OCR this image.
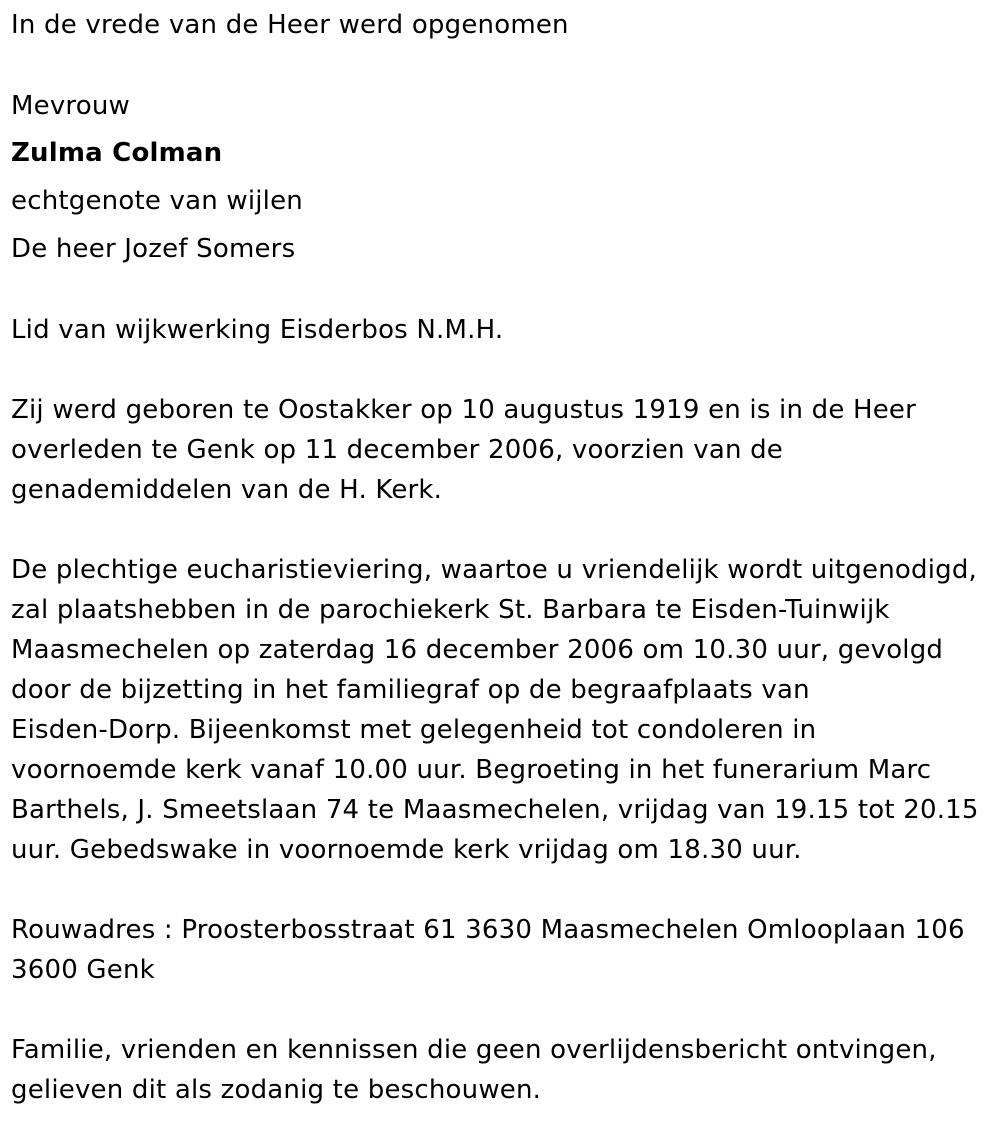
In de vrede van de Heer werd opgenomen
Mevrouw
Zulma Colman
echtgenote van wijlen
De heer Jozef Somers
Lid van wijkwerking Eisderbos N.M.H.
Zij werd geboren te Oostakker op 10 augustus 1919 en is in de Heer
overleden te Genk op 11 december 2006, voorzien van de
genademiddelen van de H. Kerk.
De plechtige eucharistieviering, waartoe u vriendelijk wordt uitgenodigd,
zal plaatshebben in de parochiekerk St. Barbara te Eisden-Tuinwijk
Maasmechelen op zaterdag 16 december 2006 om 10.30 uur, gevolgd
door de bijzetting in het familiegraf op de begraafplaats van
Eisden-Dorp. Bijeenkomst met gelegenheid tot condoleren in
voornoemde kerk vanaf 10.00 uur. Begroeting in het funerarium Marc
Barthels, J. Smeetslaan 74 te Maasmechelen, vrijdag van 19.15 tot 20.15
uur. Gebedswake in voornoemde kerk vrijdag om 18.30 uur.
Rouwadres : Proosterbosstraat 61 3630 Maasmechelen Omlooplaan 106
3600 Genk
Familie, vrienden en kennissen die geen overlijdensbericht ontvingen,
gelieven dit als zodanig te beschouwen.
